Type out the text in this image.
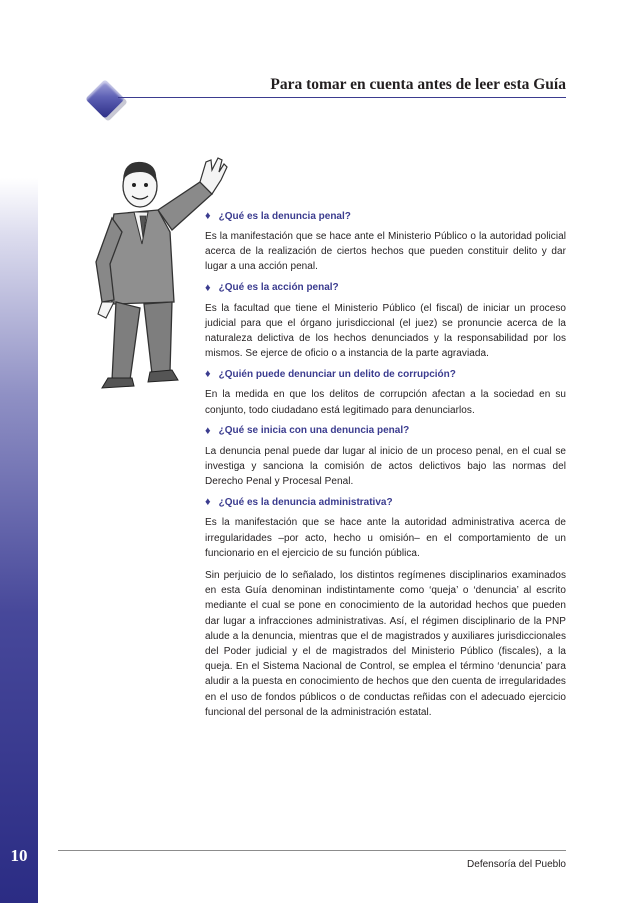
10
Para tomar en cuenta antes de leer esta Guía
♦ ¿Qué es la denuncia penal?

Es la manifestación que se hace ante el Ministerio Público o la autoridad policial acerca de la realización de ciertos hechos que pueden constituir delito y dar lugar a una acción penal.

♦ ¿Qué es la acción penal?

Es la facultad que tiene el Ministerio Público (el fiscal) de iniciar un proceso judicial para que el órgano jurisdiccional (el juez) se pronuncie acerca de la naturaleza delictiva de los hechos denunciados y la responsabilidad por los mismos. Se ejerce de oficio o a instancia de la parte agraviada.

♦ ¿Quién puede denunciar un delito de corrupción?

En la medida en que los delitos de corrupción afectan a la sociedad en su conjunto, todo ciudadano está legitimado para denunciarlos.

♦ ¿Qué se inicia con una denuncia penal?

La denuncia penal puede dar lugar al inicio de un proceso penal, en el cual se investiga y sanciona la comisión de actos delictivos bajo las normas del Derecho Penal y Procesal Penal.

♦ ¿Qué es la denuncia administrativa?

Es la manifestación que se hace ante la autoridad administrativa acerca de irregularidades –por acto, hecho u omisión– en el comportamiento de un funcionario en el ejercicio de su función pública.

Sin perjuicio de lo señalado, los distintos regímenes disciplinarios examinados en esta Guía denominan indistintamente como ‘queja’ o ‘denuncia’ al escrito mediante el cual se pone en conocimiento de la autoridad hechos que pueden dar lugar a infracciones administrativas. Así, el régimen disciplinario de la PNP alude a la denuncia, mientras que el de magistrados y auxiliares jurisdiccionales del Poder judicial y el de magistrados del Ministerio Público (fiscales), a la queja. En el Sistema Nacional de Control, se emplea el término ‘denuncia’ para aludir a la puesta en conocimiento de hechos que den cuenta de irregularidades en el uso de fondos públicos o de conductas reñidas con el adecuado ejercicio funcional del personal de la administración estatal.

Defensoría del Pueblo
